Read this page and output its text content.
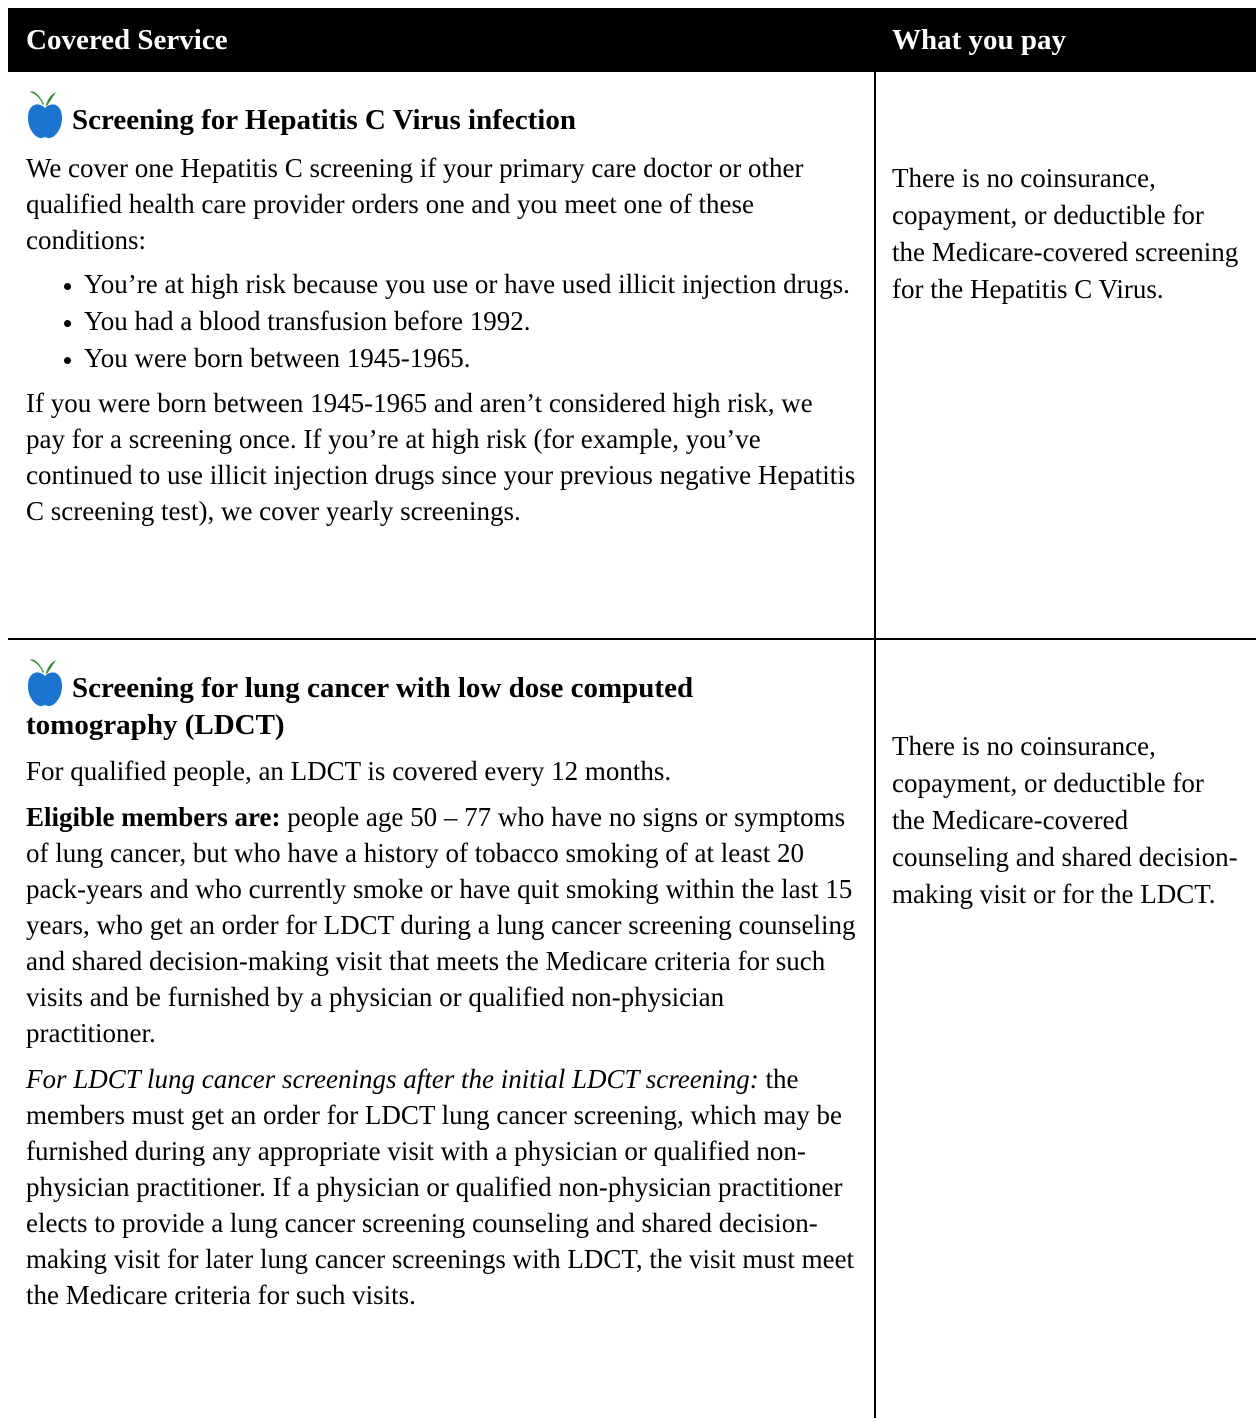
Covered Service	What you pay
Screening for Hepatitis C Virus infection

We cover one Hepatitis C screening if your primary care doctor or other qualified health care provider orders one and you meet one of these conditions:

• You’re at high risk because you use or have used illicit injection drugs.
• You had a blood transfusion before 1992.
• You were born between 1945-1965.

If you were born between 1945-1965 and aren’t considered high risk, we pay for a screening once. If you’re at high risk (for example, you’ve continued to use illicit injection drugs since your previous negative Hepatitis C screening test), we cover yearly screenings.

There is no coinsurance, copayment, or deductible for the Medicare-covered screening for the Hepatitis C Virus.
Screening for lung cancer with low dose computed
tomography (LDCT)

For qualified people, an LDCT is covered every 12 months.

Eligible members are: people age 50 – 77 who have no signs or symptoms of lung cancer, but who have a history of tobacco smoking of at least 20 pack-years and who currently smoke or have quit smoking within the last 15 years, who get an order for LDCT during a lung cancer screening counseling and shared decision-making visit that meets the Medicare criteria for such visits and be furnished by a physician or qualified non-physician practitioner.

For LDCT lung cancer screenings after the initial LDCT screening: the members must get an order for LDCT lung cancer screening, which may be furnished during any appropriate visit with a physician or qualified non-physician practitioner. If a physician or qualified non-physician practitioner elects to provide a lung cancer screening counseling and shared decision-making visit for later lung cancer screenings with LDCT, the visit must meet the Medicare criteria for such visits.

There is no coinsurance, copayment, or deductible for the Medicare-covered counseling and shared decision-making visit or for the LDCT.
